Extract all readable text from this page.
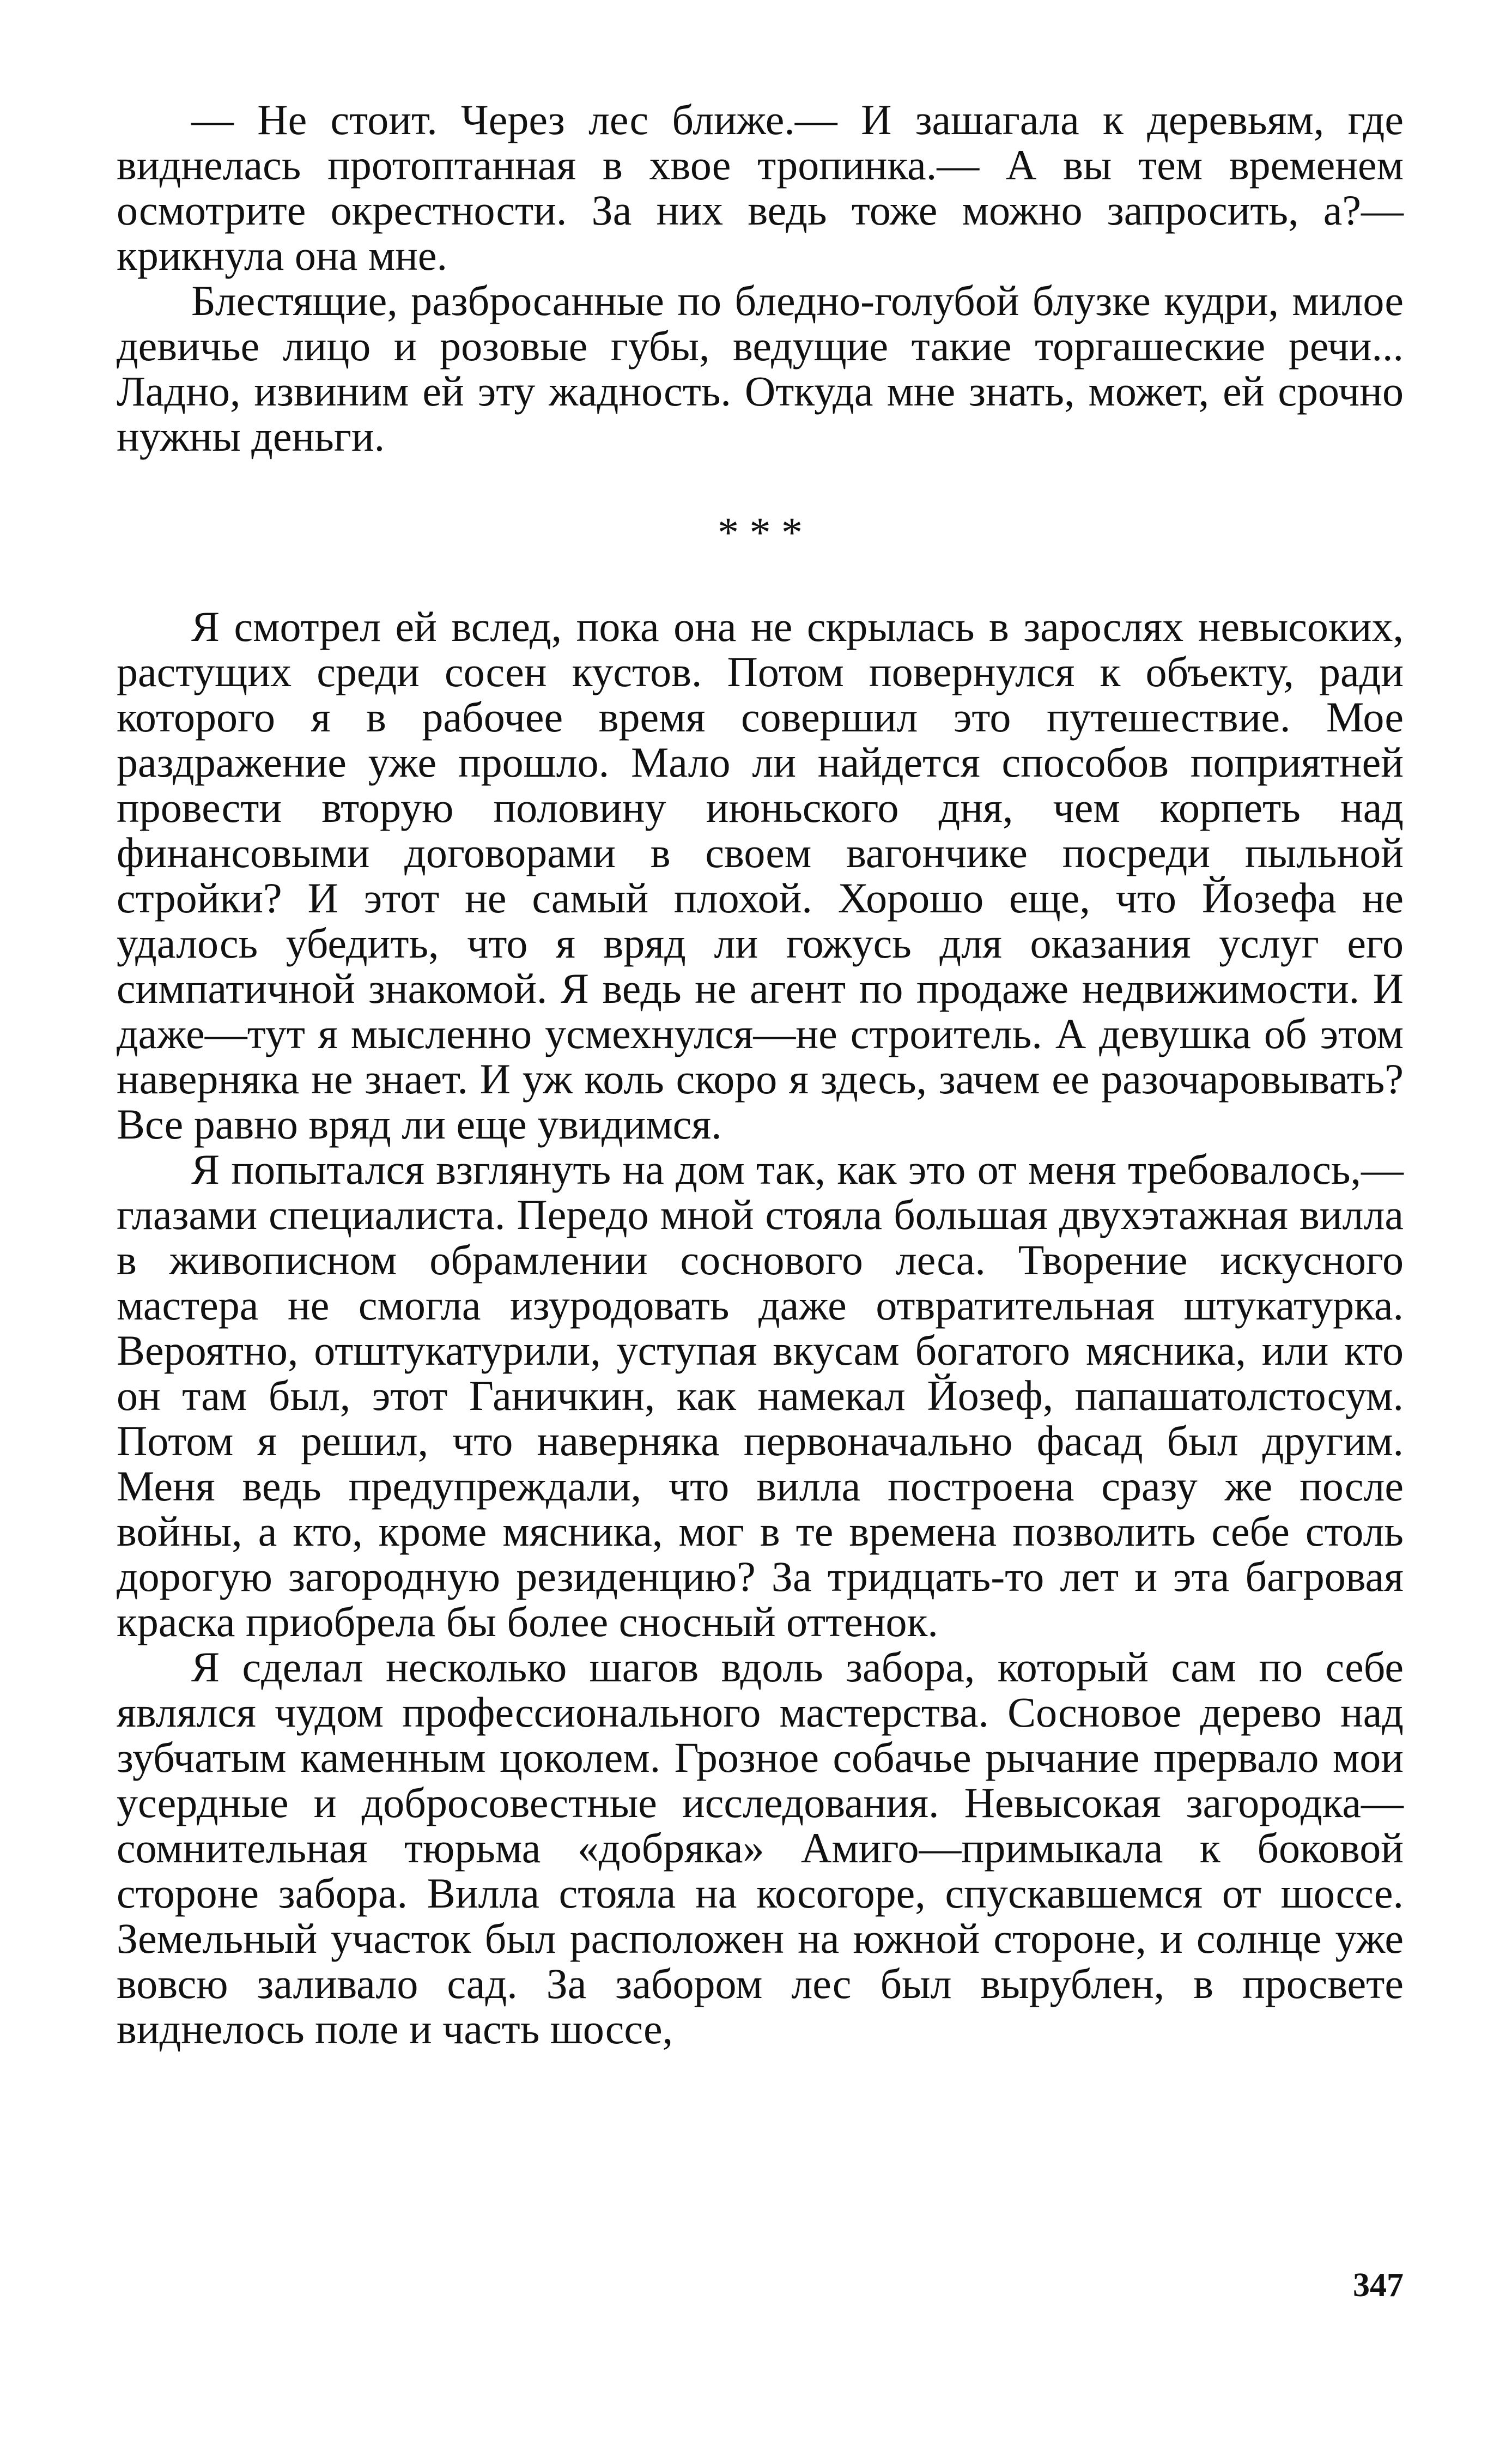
— Не стоит. Через лес ближе.— И зашагала к деревьям, где виднелась протоптанная в хвое тропинка.— А вы тем временем осмотрите окрестности. За них ведь тоже можно запросить, а?—крикнула она мне.

Блестящие, разбросанные по бледно-голубой блузке кудри, милое девичье лицо и розовые губы, ведущие такие торгашеские речи... Ладно, извиним ей эту жадность. Откуда мне знать, может, ей срочно нужны деньги.

* * *

Я смотрел ей вслед, пока она не скрылась в зарослях невысоких, растущих среди сосен кустов. Потом повернулся к объекту, ради которого я в рабочее время совершил это путешествие. Мое раздражение уже прошло. Мало ли найдется способов поприятней провести вторую половину июньского дня, чем корпеть над финансовыми договорами в своем вагончике посреди пыльной стройки? И этот не самый плохой. Хорошо еще, что Йозефа не удалось убедить, что я вряд ли гожусь для оказания услуг его симпатичной знакомой. Я ведь не агент по продаже недвижимости. И даже—тут я мысленно усмехнулся—не строитель. А девушка об этом наверняка не знает. И уж коль скоро я здесь, зачем ее разочаровывать? Все равно вряд ли еще увидимся.

Я попытался взглянуть на дом так, как это от меня требовалось,— глазами специалиста. Передо мной стояла большая двухэтажная вилла в живописном обрамлении соснового леса. Творение искусного мастера не смогла изуродовать даже отвратительная штукатурка. Вероятно, отштукатурили, уступая вкусам богатого мясника, или кто он там был, этот Ганичкин, как намекал Йозеф, папашатолстосум. Потом я решил, что наверняка первоначально фасад был другим. Меня ведь предупреждали, что вилла построена сразу же после войны, а кто, кроме мясника, мог в те времена позволить себе столь дорогую загородную резиденцию? За тридцать-то лет и эта багровая краска приобрела бы более сносный оттенок.

Я сделал несколько шагов вдоль забора, который сам по себе являлся чудом профессионального мастерства. Сосновое дерево над зубчатым каменным цоколем. Грозное собачье рычание прервало мои усердные и добросовестные исследования. Невысокая загородка—сомнительная тюрьма «добряка» Амиго—примыкала к боковой стороне забора. Вилла стояла на косогоре, спускавшемся от шоссе. Земельный участок был расположен на южной стороне, и солнце уже вовсю заливало сад. За забором лес был вырублен, в просвете виднелось поле и часть шоссе,

347
